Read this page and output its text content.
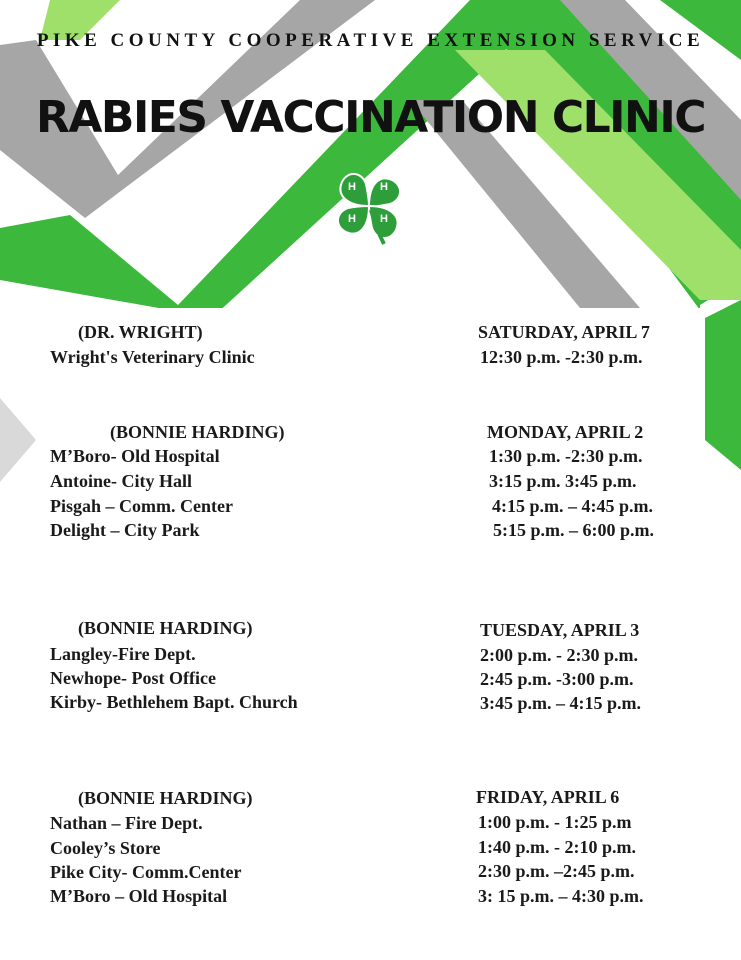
PIKE COUNTY COOPERATIVE EXTENSION SERVICE
RABIES VACCINATION CLINIC
H H
H
H
(DR. WRIGHT)	SATURDAY, APRIL 7
Wright's Veterinary Clinic	12:30 p.m. -2:30 p.m.
(BONNIE HARDING)	MONDAY, APRIL 2
M’Boro- Old Hospital	1:30 p.m. -2:30 p.m.
Antoine- City Hall	3:15 p.m. 3:45 p.m.
Pisgah – Comm. Center	4:15 p.m. – 4:45 p.m.
Delight – City Park	5:15 p.m. – 6:00 p.m.
(BONNIE HARDING)	TUESDAY, APRIL 3
Langley-Fire Dept.	2:00 p.m. - 2:30 p.m.
Newhope- Post Office	2:45 p.m. -3:00 p.m.
Kirby- Bethlehem Bapt. Church	3:45 p.m. – 4:15 p.m.
(BONNIE HARDING)	FRIDAY, APRIL 6
Nathan – Fire Dept.	1:00 p.m. - 1:25 p.m
Cooley’s Store	1:40 p.m. - 2:10 p.m.
Pike City- Comm.Center	2:30 p.m. –2:45 p.m.
M’Boro – Old Hospital	3: 15 p.m. – 4:30 p.m.
